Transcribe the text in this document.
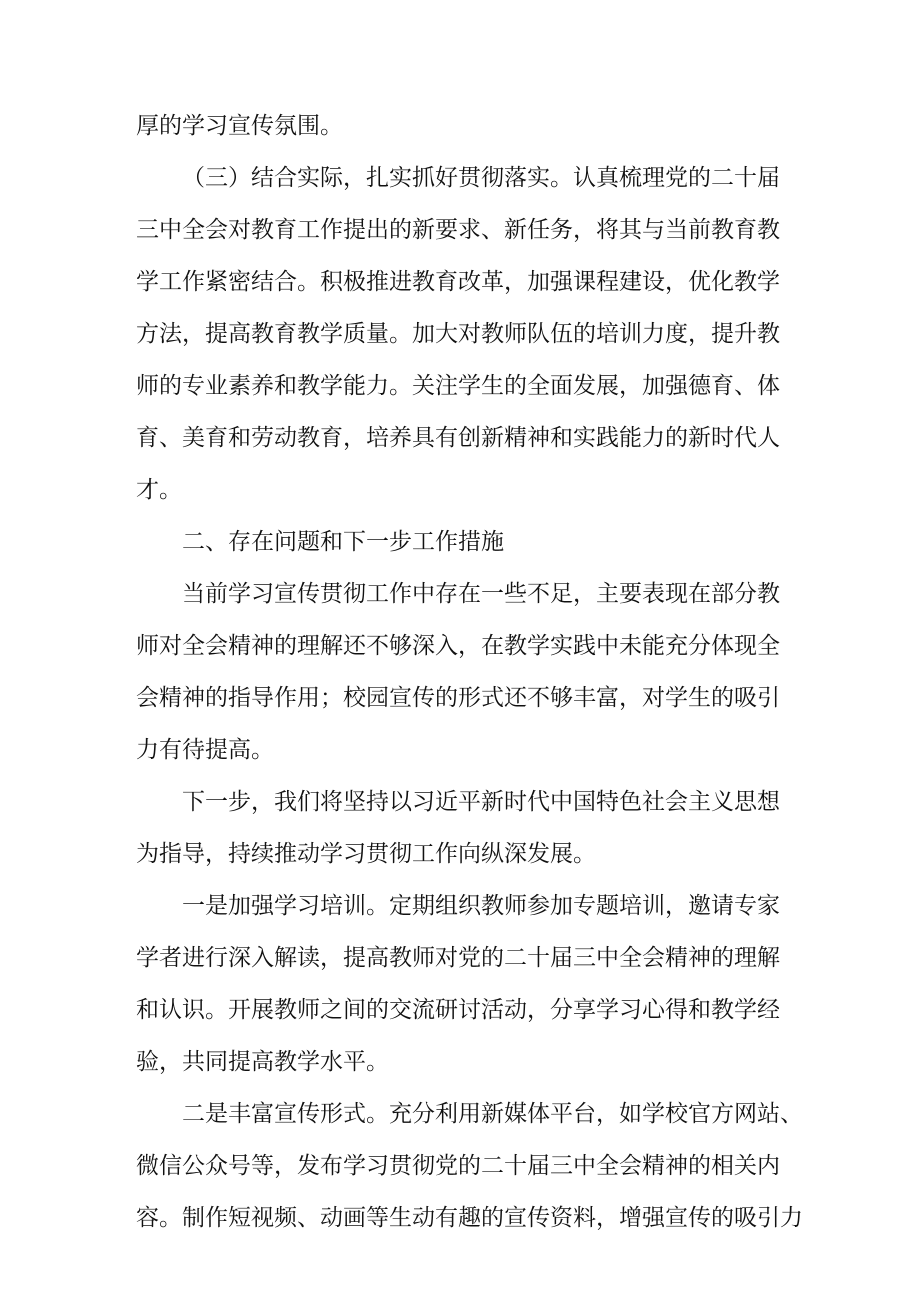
厚的学习宣传氛围。
（三）结合实际，扎实抓好贯彻落实。认真梳理党的二十届
三中全会对教育工作提出的新要求、新任务，将其与当前教育教
学工作紧密结合。积极推进教育改革，加强课程建设，优化教学
方法，提高教育教学质量。加大对教师队伍的培训力度，提升教
师的专业素养和教学能力。关注学生的全面发展，加强德育、体
育、美育和劳动教育，培养具有创新精神和实践能力的新时代人
才。
二、存在问题和下一步工作措施
当前学习宣传贯彻工作中存在一些不足，主要表现在部分教
师对全会精神的理解还不够深入，在教学实践中未能充分体现全
会精神的指导作用；校园宣传的形式还不够丰富，对学生的吸引
力有待提高。
下一步，我们将坚持以习近平新时代中国特色社会主义思想
为指导，持续推动学习贯彻工作向纵深发展。
一是加强学习培训。定期组织教师参加专题培训，邀请专家
学者进行深入解读，提高教师对党的二十届三中全会精神的理解
和认识。开展教师之间的交流研讨活动，分享学习心得和教学经
验，共同提高教学水平。
二是丰富宣传形式。充分利用新媒体平台，如学校官方网站、
微信公众号等，发布学习贯彻党的二十届三中全会精神的相关内
容。制作短视频、动画等生动有趣的宣传资料，增强宣传的吸引力
